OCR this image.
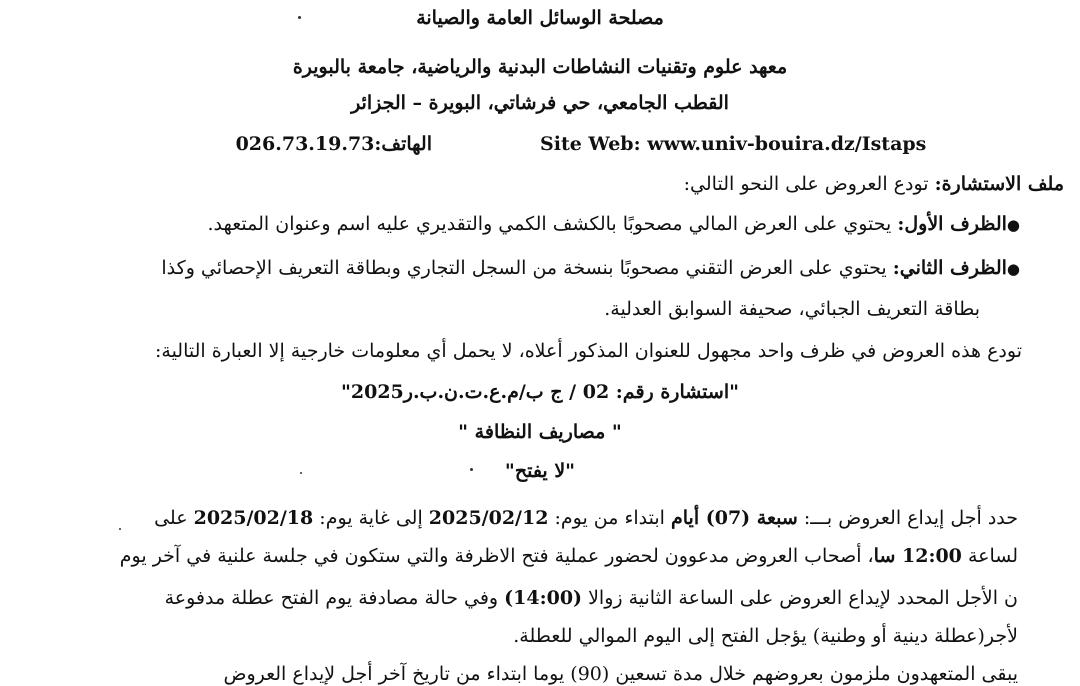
مصلحة الوسائل العامة والصيانة
معهد علوم وتقنيات النشاطات البدنية والرياضية، جامعة بالبويرة
القطب الجامعي، حي فرشاتي، البويرة – الجزائر
Site Web: www.univ-bouira.dz/Istaps
الهاتف:026.73.19.73
ملف الاستشارة: تودع العروض على النحو التالي:
●الظرف الأول: يحتوي على العرض المالي مصحوبًا بالكشف الكمي والتقديري عليه اسم وعنوان المتعهد.
●الظرف الثاني: يحتوي على العرض التقني مصحوبًا بنسخة من السجل التجاري وبطاقة التعريف الإحصائي وكذا
بطاقة التعريف الجبائي، صحيفة السوابق العدلية.
تودع هذه العروض في ظرف واحد مجهول للعنوان المذكور أعلاه، لا يحمل أي معلومات خارجية إلا العبارة التالية:
"استشارة رقم: 02 / ج ب/م.ع.ت.ن.ب.ر2025"
" مصاريف النظافة "
"لا يفتح"
حدد أجل إيداع العروض بـــ: سبعة (07) أيام ابتداء من يوم: 2025/02/12 إلى غاية يوم: 2025/02/18 على
لساعة 12:00 سا، أصحاب العروض مدعوون لحضور عملية فتح الاظرفة والتي ستكون في جلسة علنية في آخر يوم
ن الأجل المحدد لإيداع العروض على الساعة الثانية زوالا (14:00) وفي حالة مصادفة يوم الفتح عطلة مدفوعة
لأجر(عطلة دينية أو وطنية) يؤجل الفتح إلى اليوم الموالي للعطلة.
يبقى المتعهدون ملزمون بعروضهم خلال مدة تسعين (90) يوما ابتداء من تاريخ آخر أجل لإيداع العروض
